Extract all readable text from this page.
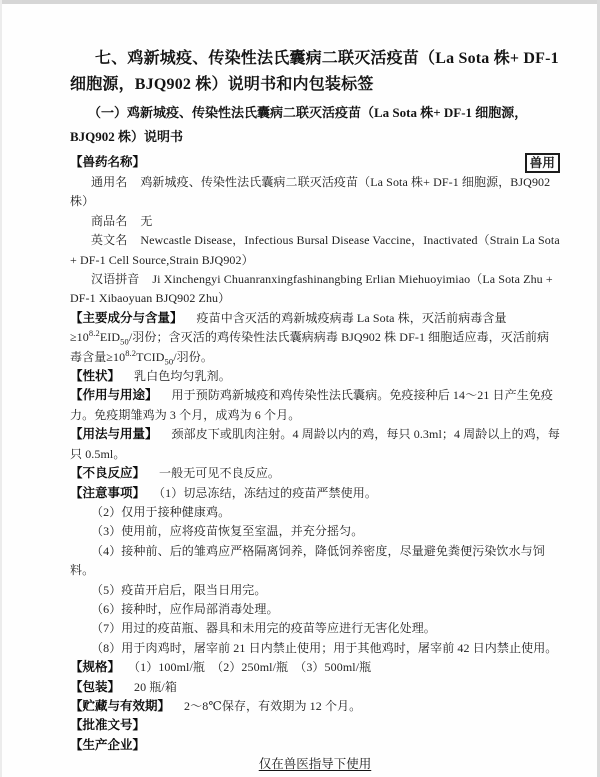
七、鸡新城疫、传染性法氏囊病二联灭活疫苗（La Sota 株+ DF-1
细胞源，BJQ902 株）说明书和内包装标签
（一）鸡新城疫、传染性法氏囊病二联灭活疫苗（La Sota 株+ DF-1 细胞源，
BJQ902 株）说明书

兽用
【兽药名称】

通用名 鸡新城疫、传染性法氏囊病二联灭活疫苗（La Sota 株+ DF-1 细胞源，BJQ902 株）

商品名 无

英文名 Newcastle Disease，Infectious Bursal Disease Vaccine，Inactivated（Strain La Sota + DF-1 Cell Source,Strain BJQ902）

汉语拼音 Ji Xinchengyi Chuanranxingfashinangbing Erlian Miehuoyimiao（La Sota Zhu + DF-1 Xibaoyuan BJQ902 Zhu）

【主要成分与含量】 疫苗中含灭活的鸡新城疫病毒 La Sota 株，灭活前病毒含量$\ge 10^{8.2}EID_{50}/$羽份；含灭活的鸡传染性法氏囊病病毒 BJQ902 株 DF-1 细胞适应毒，灭活前病毒含量$\ge 10^{8.2}TCID_{50}/$羽份。

【性状】 乳白色均匀乳剂。

【作用与用途】 用于预防鸡新城疫和鸡传染性法氏囊病。免疫接种后 14～21 日产生免疫力。免疫期雏鸡为 3 个月，成鸡为 6 个月。

【用法与用量】 颈部皮下或肌肉注射。4 周龄以内的鸡，每只 0.3ml；4 周龄以上的鸡，每只 0.5ml。

【不良反应】 一般无可见不良反应。

【注意事项】 （1）切忌冻结，冻结过的疫苗严禁使用。

（2）仅用于接种健康鸡。

（3）使用前，应将疫苗恢复至室温，并充分摇匀。

（4）接种前、后的雏鸡应严格隔离饲养，降低饲养密度，尽量避免粪便污染饮水与饲料。

（5）疫苗开启后，限当日用完。

（6）接种时，应作局部消毒处理。

（7）用过的疫苗瓶、器具和未用完的疫苗等应进行无害化处理。

（8）用于肉鸡时，屠宰前 21 日内禁止使用；用于其他鸡时，屠宰前 42 日内禁止使用。

【规格】 （1）100ml/瓶　（2）250ml/瓶　（3）500ml/瓶

【包装】 20 瓶/箱

【贮藏与有效期】 2～8℃保存，有效期为 12 个月。

【批准文号】

【生产企业】

仅在兽医指导下使用
